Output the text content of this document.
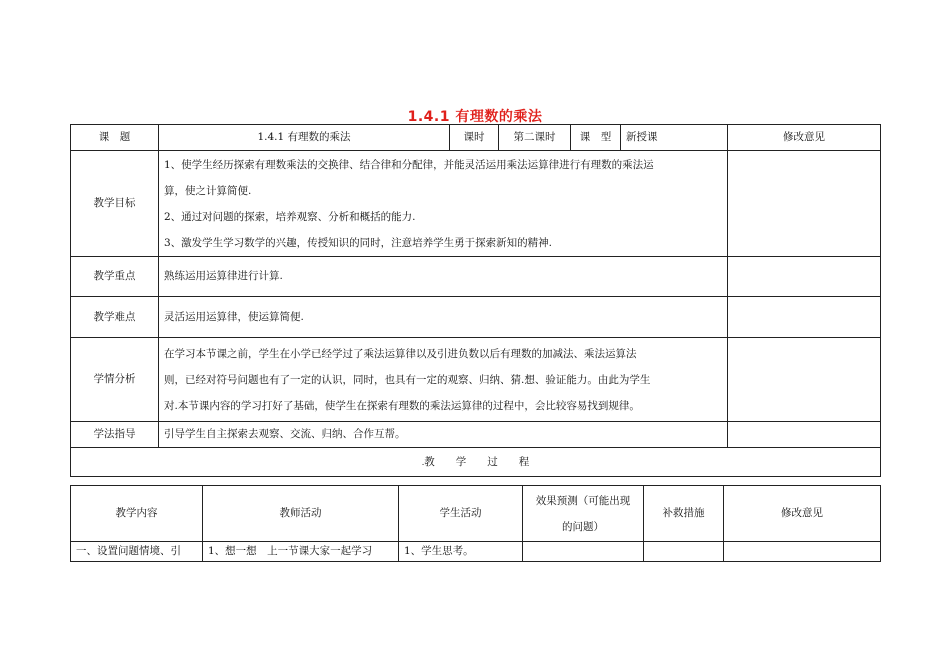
1.4.1 有理数的乘法
课　题	1.4.1 有理数的乘法	课时	第二课时	课　型	新授课	修改意见
教学目标	1、使学生经历探索有理数乘法的交换律、结合律和分配律，并能灵活运用乘法运算律进行有理数的乘法运
算，使之计算简便.
2、通过对问题的探索，培养观察、分析和概括的能力.
3、激发学生学习数学的兴趣，传授知识的同时，注意培养学生勇于探索新知的精神.					

教学重点	熟练运用运算律进行计算.					
教学难点	灵活运用运算律，使运算简便.					
学情分析	在学习本节课之前，学生在小学已经学过了乘法运算律以及引进负数以后有理数的加减法、乘法运算法
则，已经对符号问题也有了一定的认识，同时，也具有一定的观察、归纳、猜.想、验证能力。由此为学生
对.本节课内容的学习打好了基础，使学生在探索有理数的乘法运算律的过程中，会比较容易找到规律。					

学法指导	引导学生自主探索去观察、交流、归纳、合作互帮。					
.教　　学　　过　　程						
教学内容	教师活动	学生活动	效果预测（可能出现
的问题）	补救措施	修改意见
一、设置问题情境、引	1、想一想　上一节课大家一起学习	1、学生思考。			
